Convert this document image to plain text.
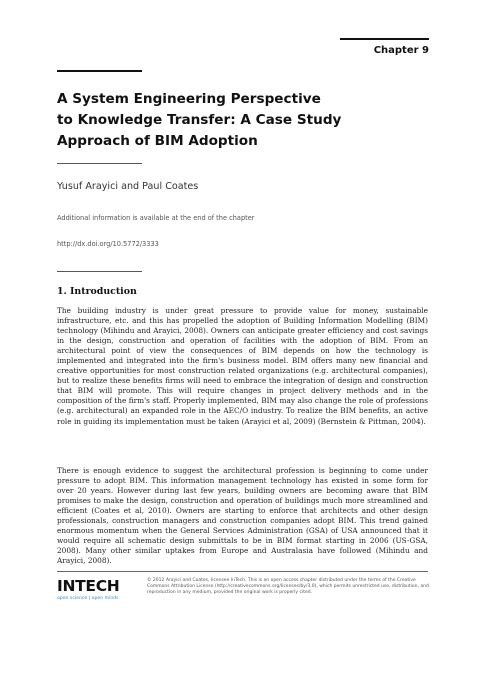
Chapter 9
A System Engineering Perspective
to Knowledge Transfer: A Case Study
Approach of BIM Adoption
Yusuf Arayici and Paul Coates
Additional information is available at the end of the chapter
http://dx.doi.org/10.5772/3333
1. Introduction
The building industry is under great pressure to provide value for money, sustainable infrastructure, etc. and this has propelled the adoption of Building Information Modelling (BIM) technology (Mihindu and Arayici, 2008). Owners can anticipate greater efficiency and cost savings in the design, construction and operation of facilities with the adoption of BIM. From an architectural point of view the consequences of BIM depends on how the technology is implemented and integrated into the firm's business model. BIM offers many new financial and creative opportunities for most construction related organizations (e.g. architectural companies), but to realize these benefits firms will need to embrace the integration of design and construction that BIM will promote. This will require changes in project delivery methods and in the composition of the firm's staff. Properly implemented, BIM may also change the role of professions (e.g. architectural) an expanded role in the AEC/O industry. To realize the BIM benefits, an active role in guiding its implementation must be taken (Arayici et al, 2009) (Bernstein & Pittman, 2004).
There is enough evidence to suggest the architectural profession is beginning to come under pressure to adopt BIM. This information management technology has existed in some form for over 20 years. However during last few years, building owners are becoming aware that BIM promises to make the design, construction and operation of buildings much more streamlined and efficient (Coates et al, 2010). Owners are starting to enforce that architects and other design professionals, construction managers and construction companies adopt BIM. This trend gained enormous momentum when the General Services Administration (GSA) of USA announced that it would require all schematic design submittals to be in BIM format starting in 2006 (US-GSA, 2008). Many other similar uptakes from Europe and Australasia have followed (Mihindu and Arayici, 2008).
INTECH
open science | open minds
© 2012 Arayici and Coates, licensee InTech. This is an open access chapter distributed under the terms of the Creative Commons Attribution License (http://creativecommons.org/licenses/by/3.0), which permits unrestricted use, distribution, and reproduction in any medium, provided the original work is properly cited.
